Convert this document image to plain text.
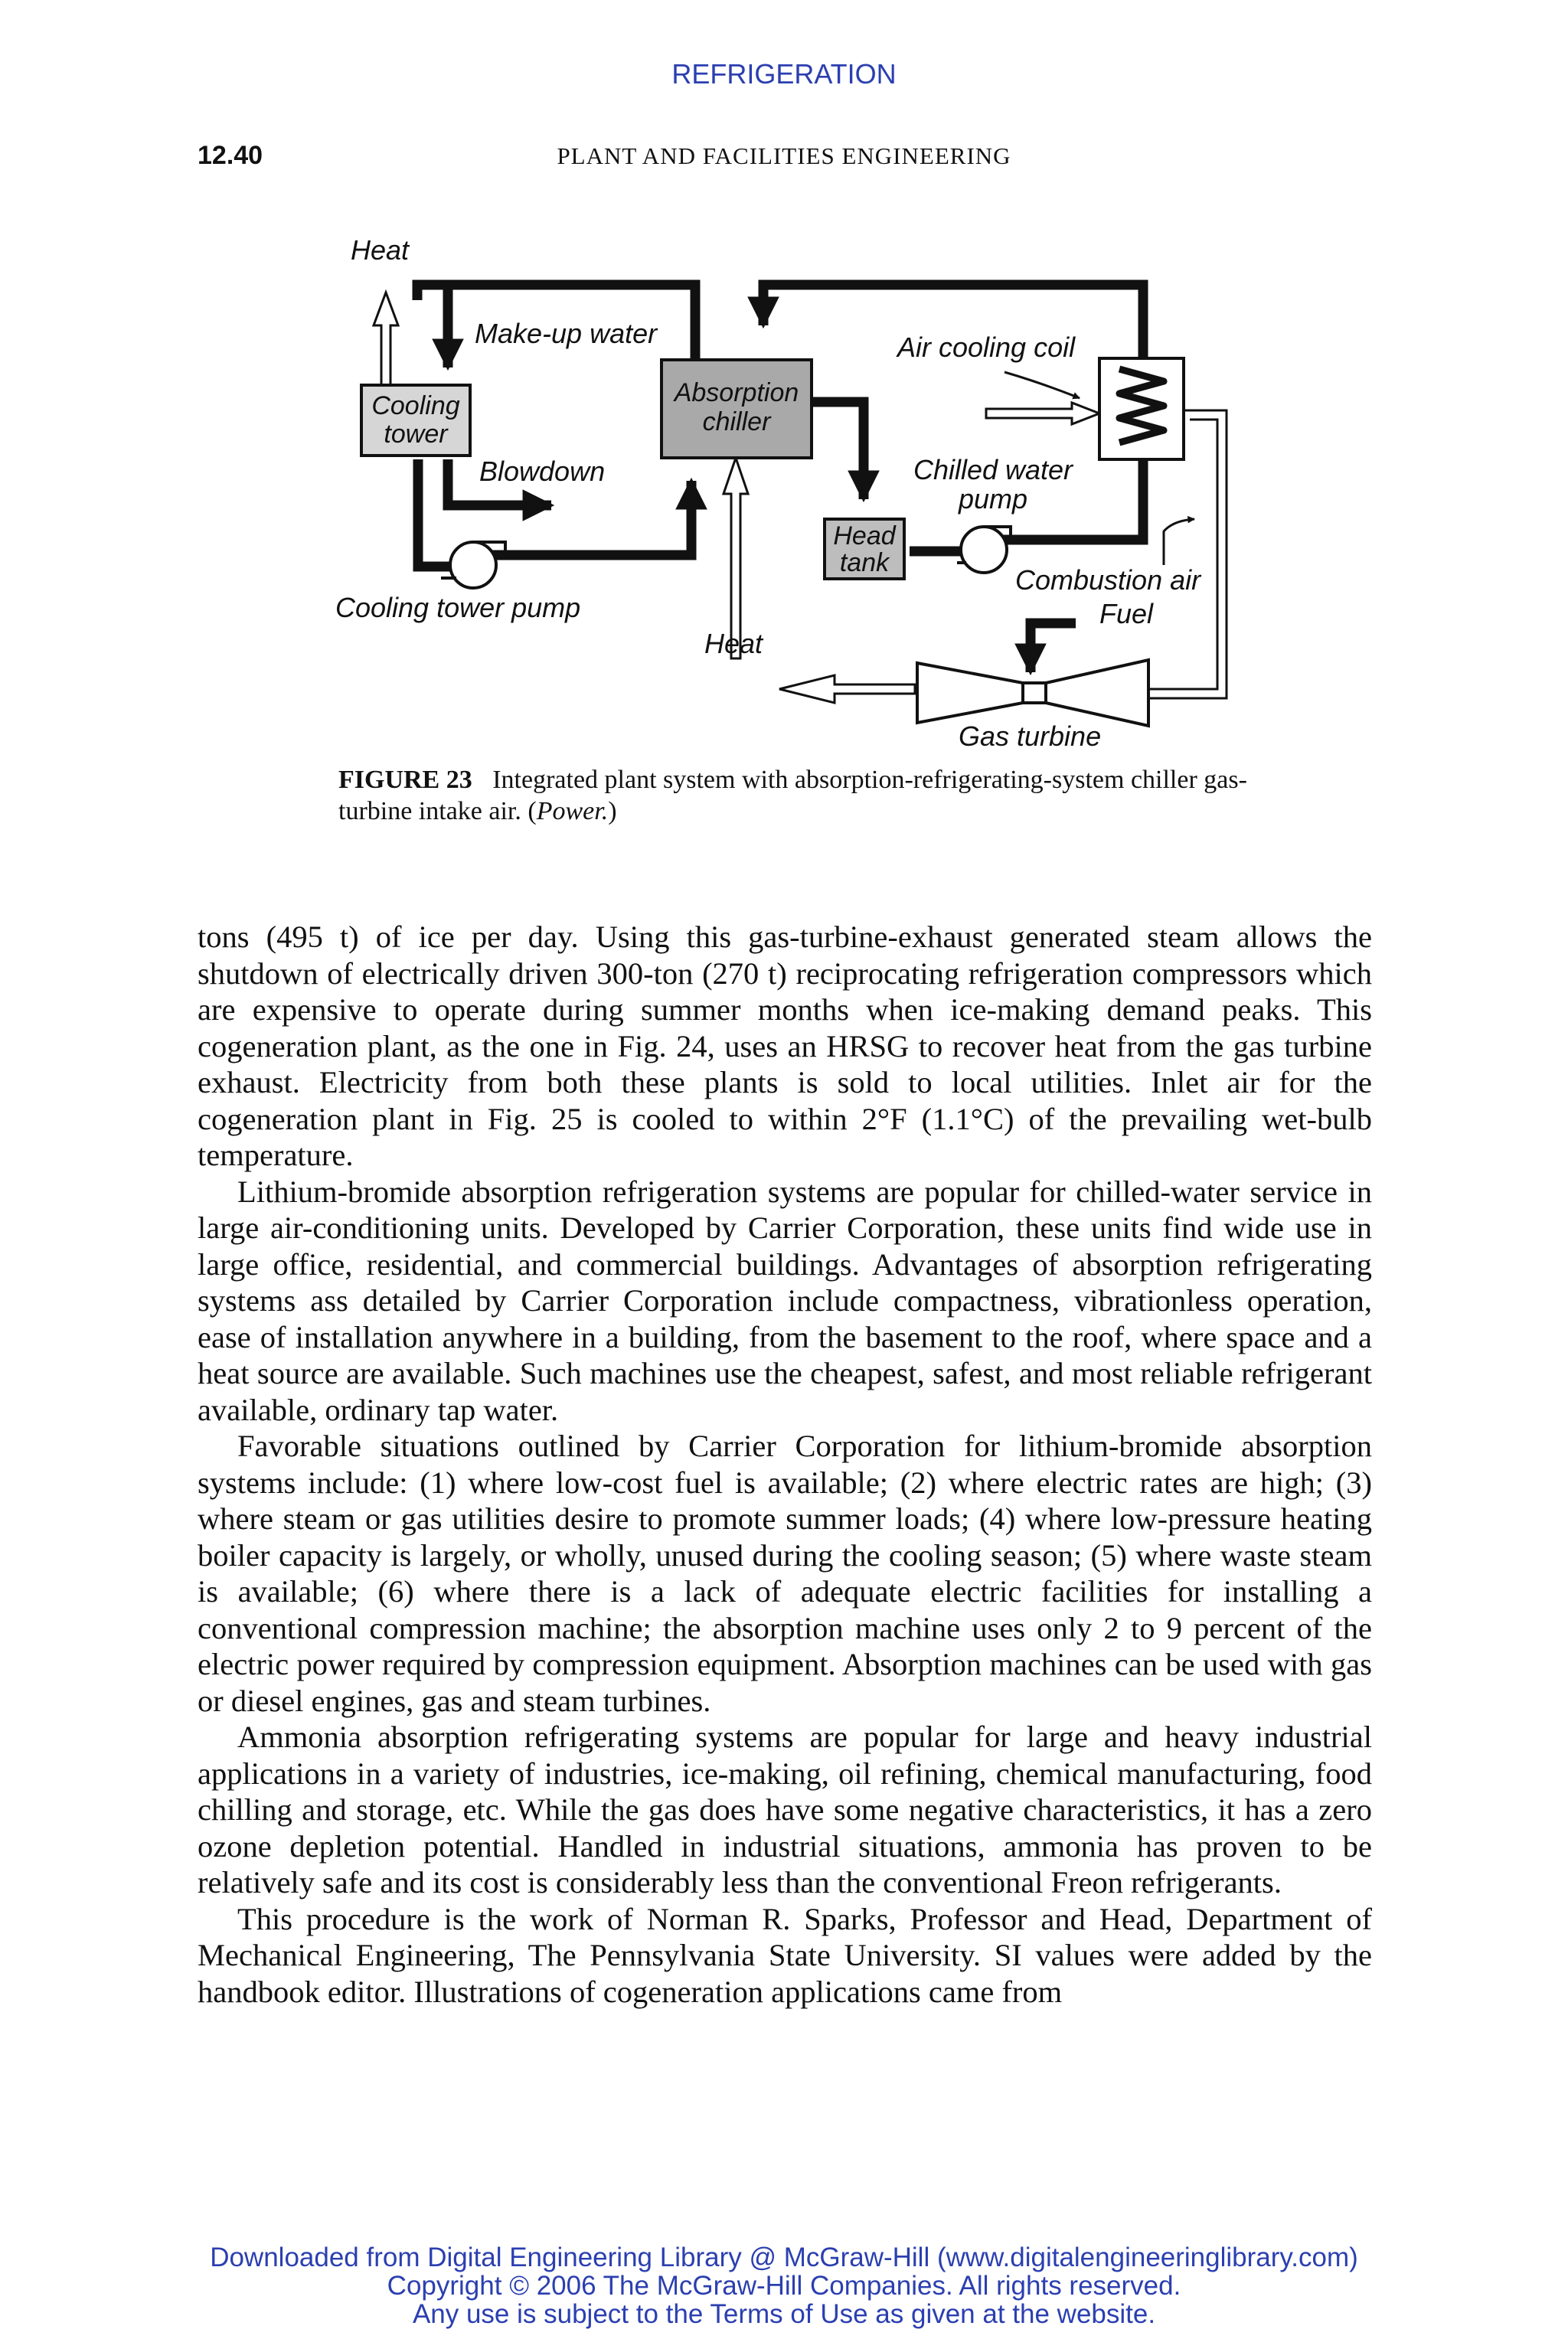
REFRIGERATION
12.40	PLANT AND FACILITIES ENGINEERING
Cooling
tower
Absorption
chiller
Head
tank
Heat
Make-up water	Air cooling coil
Blowdown	Chilled water
pump
Combustion air
Fuel
Cooling tower pump
Heat
Gas turbine
FIGURE 23 Integrated plant system with absorption-refrigerating-system chiller gas-turbine intake air. (Power.)

tons (495 t) of ice per day. Using this gas-turbine-exhaust generated steam allows the shutdown of electrically driven 300-ton (270 t) reciprocating refrigeration compressors which are expensive to operate during summer months when ice-making demand peaks. This cogeneration plant, as the one in Fig. 24, uses an HRSG to recover heat from the gas turbine exhaust. Electricity from both these plants is sold to local utilities. Inlet air for the cogeneration plant in Fig. 25 is cooled to within 2°F (1.1°C) of the prevailing wet-bulb temperature.

Lithium-bromide absorption refrigeration systems are popular for chilled-water service in large air-conditioning units. Developed by Carrier Corporation, these units find wide use in large office, residential, and commercial buildings. Advantages of absorption refrigerating systems ass detailed by Carrier Corporation include compactness, vibrationless operation, ease of installation anywhere in a building, from the basement to the roof, where space and a heat source are available. Such machines use the cheapest, safest, and most reliable refrigerant available, ordinary tap water.

Favorable situations outlined by Carrier Corporation for lithium-bromide absorption systems include: (1) where low-cost fuel is available; (2) where electric rates are high; (3) where steam or gas utilities desire to promote summer loads; (4) where low-pressure heating boiler capacity is largely, or wholly, unused during the cooling season; (5) where waste steam is available; (6) where there is a lack of adequate electric facilities for installing a conventional compression machine; the absorption machine uses only 2 to 9 percent of the electric power required by compression equipment. Absorption machines can be used with gas or diesel engines, gas and steam turbines.

Ammonia absorption refrigerating systems are popular for large and heavy industrial applications in a variety of industries, ice-making, oil refining, chemical manufacturing, food chilling and storage, etc. While the gas does have some negative characteristics, it has a zero ozone depletion potential. Handled in industrial situations, ammonia has proven to be relatively safe and its cost is considerably less than the conventional Freon refrigerants.

This procedure is the work of Norman R. Sparks, Professor and Head, Department of Mechanical Engineering, The Pennsylvania State University. SI values were added by the handbook editor. Illustrations of cogeneration applications came from

Downloaded from Digital Engineering Library @ McGraw-Hill (www.digitalengineeringlibrary.com)
Copyright © 2006 The McGraw-Hill Companies. All rights reserved.
Any use is subject to the Terms of Use as given at the website.
